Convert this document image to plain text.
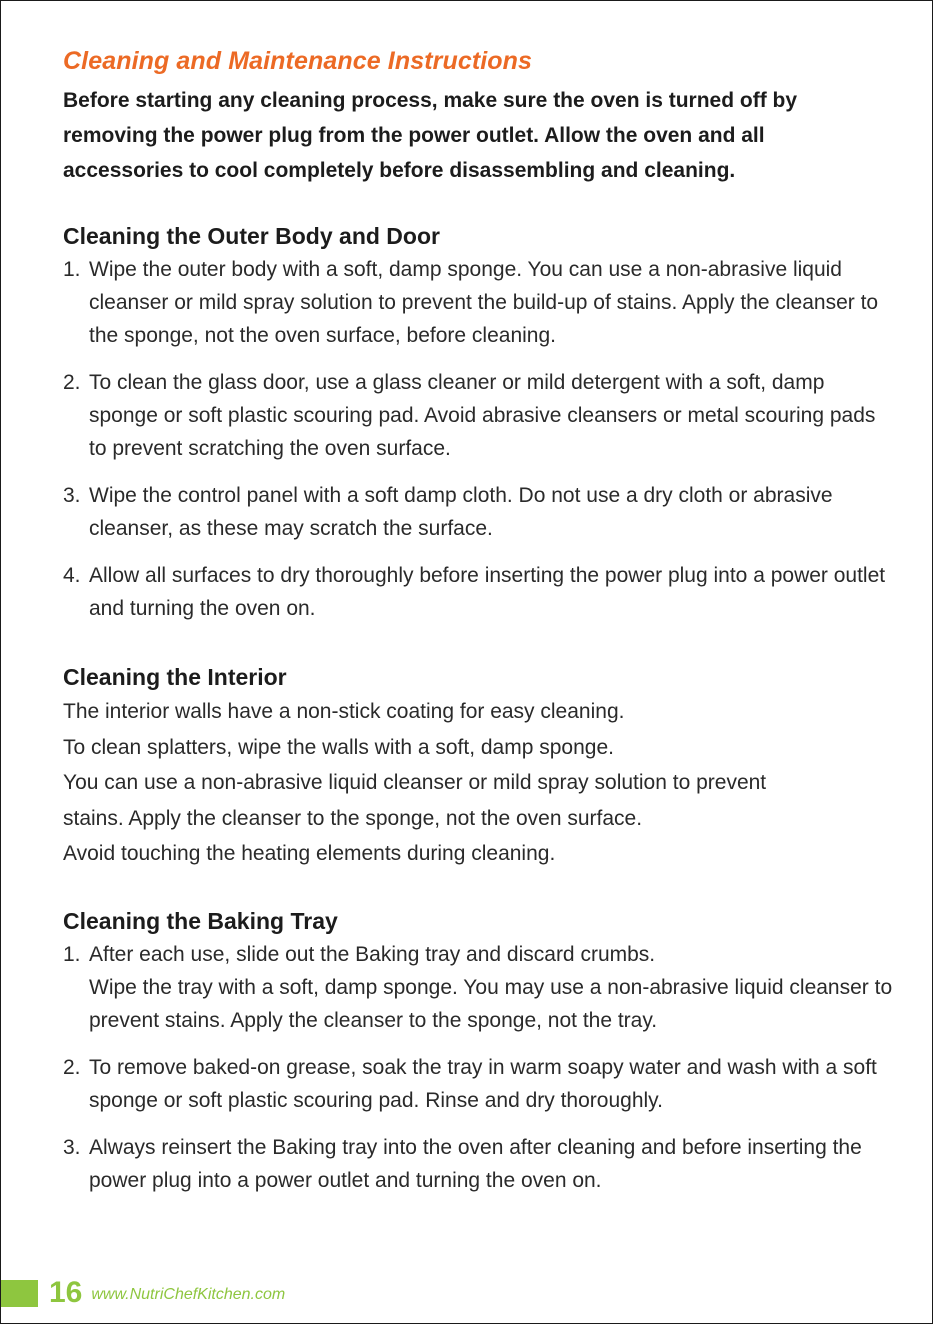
Cleaning and Maintenance Instructions

Before starting any cleaning process, make sure the oven is turned off by removing the power plug from the power outlet. Allow the oven and all accessories to cool completely before disassembling and cleaning.

Cleaning the Outer Body and Door
1. Wipe the outer body with a soft, damp sponge. You can use a non-abrasive liquid cleanser or mild spray solution to prevent the build-up of stains. Apply the cleanser to the sponge, not the oven surface, before cleaning.
2. To clean the glass door, use a glass cleaner or mild detergent with a soft, damp sponge or soft plastic scouring pad. Avoid abrasive cleansers or metal scouring pads to prevent scratching the oven surface.
3. Wipe the control panel with a soft damp cloth. Do not use a dry cloth or abrasive cleanser, as these may scratch the surface.
4. Allow all surfaces to dry thoroughly before inserting the power plug into a power outlet and turning the oven on.
Cleaning the Interior

The interior walls have a non-stick coating for easy cleaning.

To clean splatters, wipe the walls with a soft, damp sponge.

You can use a non-abrasive liquid cleanser or mild spray solution to prevent

stains. Apply the cleanser to the sponge, not the oven surface.

Avoid touching the heating elements during cleaning.

Cleaning the Baking Tray
1. After each use, slide out the Baking tray and discard crumbs.
Wipe the tray with a soft, damp sponge. You may use a non-abrasive liquid cleanser to prevent stains. Apply the cleanser to the sponge, not the tray.
2. To remove baked-on grease, soak the tray in warm soapy water and wash with a soft sponge or soft plastic scouring pad. Rinse and dry thoroughly.
3. Always reinsert the Baking tray into the oven after cleaning and before inserting the power plug into a power outlet and turning the oven on.
16 www.NutriChefKitchen.com
